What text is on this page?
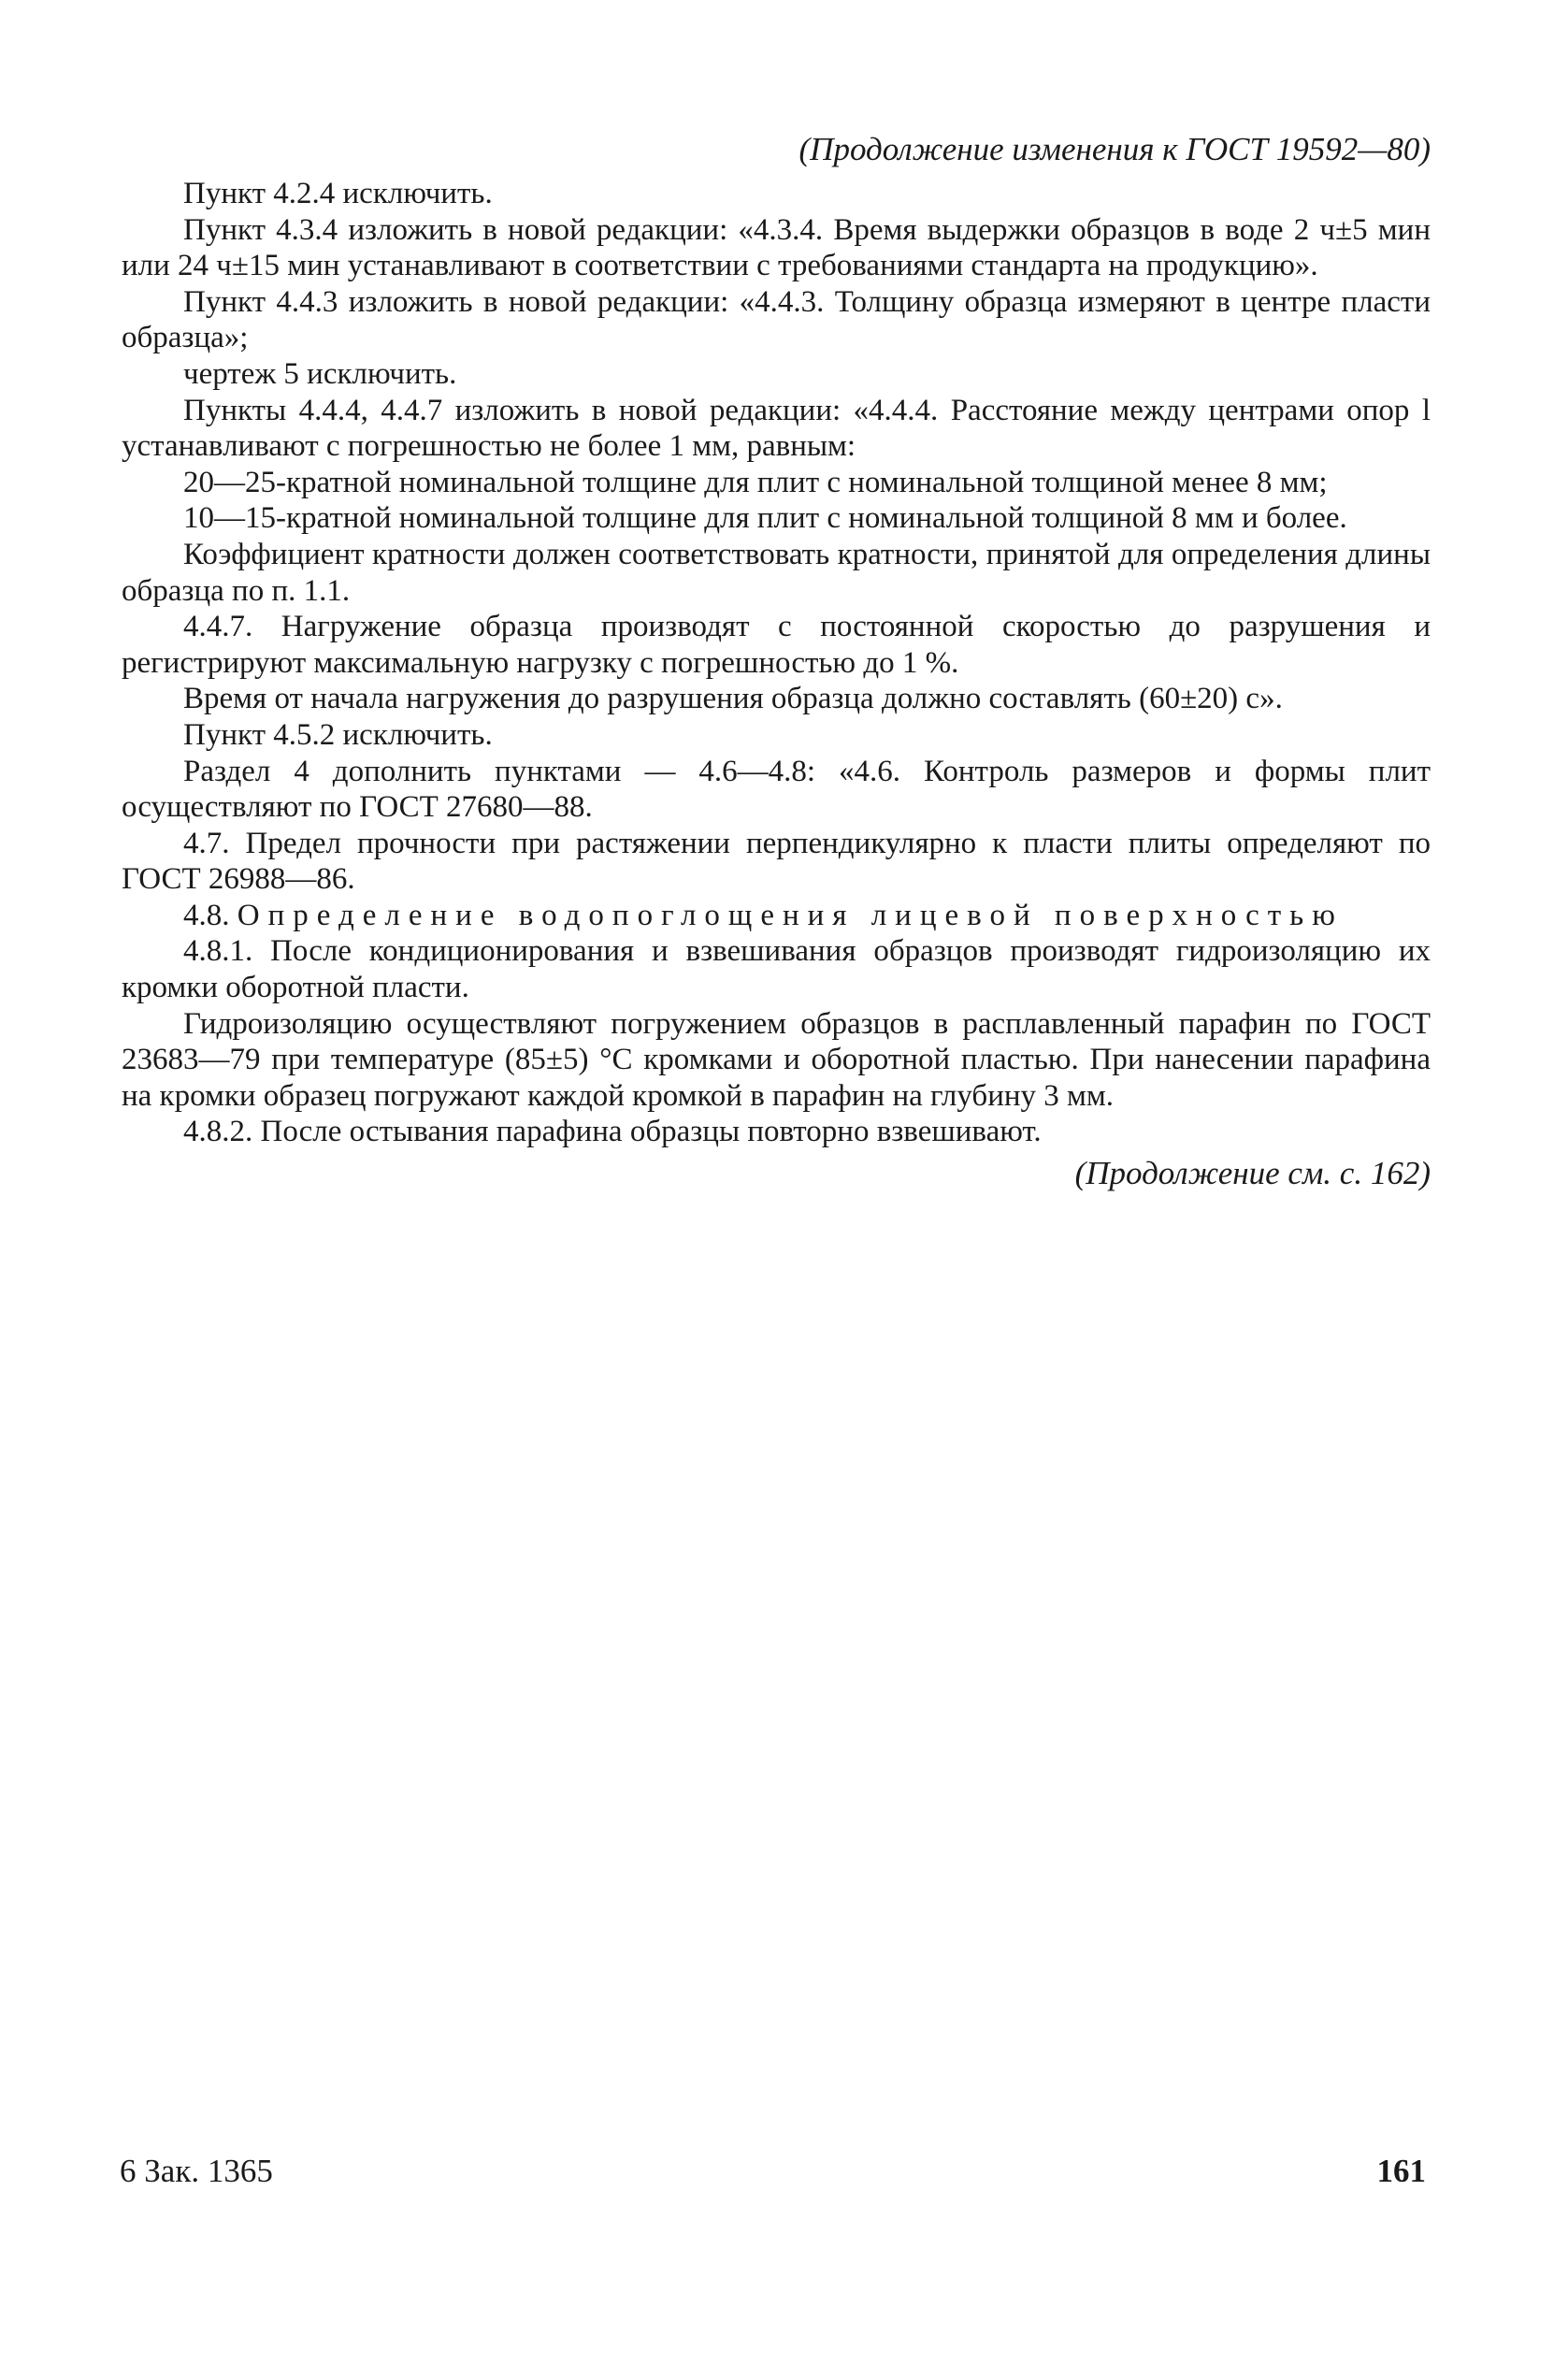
(Продолжение изменения к ГОСТ 19592—80)

Пункт 4.2.4 исключить.

Пункт 4.3.4 изложить в новой редакции: «4.3.4. Время выдержки образцов в воде 2 ч±5 мин или 24 ч±15 мин устанавливают в соответствии с требованиями стандарта на продукцию».

Пункт 4.4.3 изложить в новой редакции: «4.4.3. Толщину образца измеряют в центре пласти образца»;

чертеж 5 исключить.

Пункты 4.4.4, 4.4.7 изложить в новой редакции: «4.4.4. Расстояние между центрами опор l устанавливают с погрешностью не более 1 мм, равным:

20—25-кратной номинальной толщине для плит с номинальной толщиной менее 8 мм;

10—15-кратной номинальной толщине для плит с номинальной толщиной 8 мм и более.

Коэффициент кратности должен соответствовать кратности, принятой для определения длины образца по п. 1.1.

4.4.7. Нагружение образца производят с постоянной скоростью до разрушения и регистрируют максимальную нагрузку с погрешностью до 1 %.

Время от начала нагружения до разрушения образца должно составлять (60±20) с».

Пункт 4.5.2 исключить.

Раздел 4 дополнить пунктами — 4.6—4.8: «4.6. Контроль размеров и формы плит осуществляют по ГОСТ 27680—88.

4.7. Предел прочности при растяжении перпендикулярно к пласти плиты определяют по ГОСТ 26988—86.

4.8. Определение водопоглощения лицевой поверхностью

4.8.1. После кондиционирования и взвешивания образцов производят гидроизоляцию их кромки оборотной пласти.

Гидроизоляцию осуществляют погружением образцов в расплавленный парафин по ГОСТ 23683—79 при температуре (85±5) °С кромками и оборотной пластью. При нанесении парафина на кромки образец погружают каждой кромкой в парафин на глубину 3 мм.

4.8.2. После остывания парафина образцы повторно взвешивают.

(Продолжение см. с. 162)
6 Зак. 1365	161
